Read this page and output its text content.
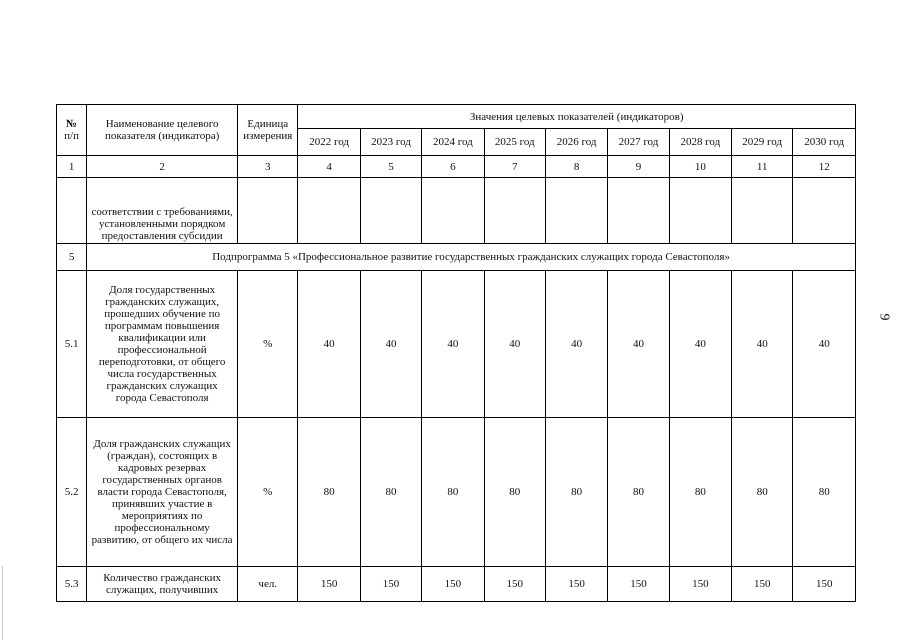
9
№
п/п	Наименование целевого показателя (индикатора)	Единица измерения	Значения целевых показателей (индикаторов)								
			2022 год	2023 год	2024 год	2025 год	2026 год	2027 год	2028 год	2029 год	2030 год
1	2	3	4	5	6	7	8	9	10	11	12
	соответствии с требованиями, установленными порядком предоставления субсидии										
5	Подпрограмма 5 «Профессиональное развитие государственных гражданских служащих города Севастополя»										
5.1	Доля государственных гражданских служащих, прошедших обучение по программам повышения квалификации или профессиональной переподготовки, от общего числа государственных гражданских служащих города Севастополя	%	40	40	40	40	40	40	40	40	40
5.2	Доля гражданских служащих (граждан), состоящих в кадровых резервах государственных органов власти города Севастополя, принявших участие в мероприятиях по профессиональному развитию, от общего их числа	%	80	80	80	80	80	80	80	80	80
5.3	Количество гражданских служащих, получивших	чел.	150	150	150	150	150	150	150	150	150
